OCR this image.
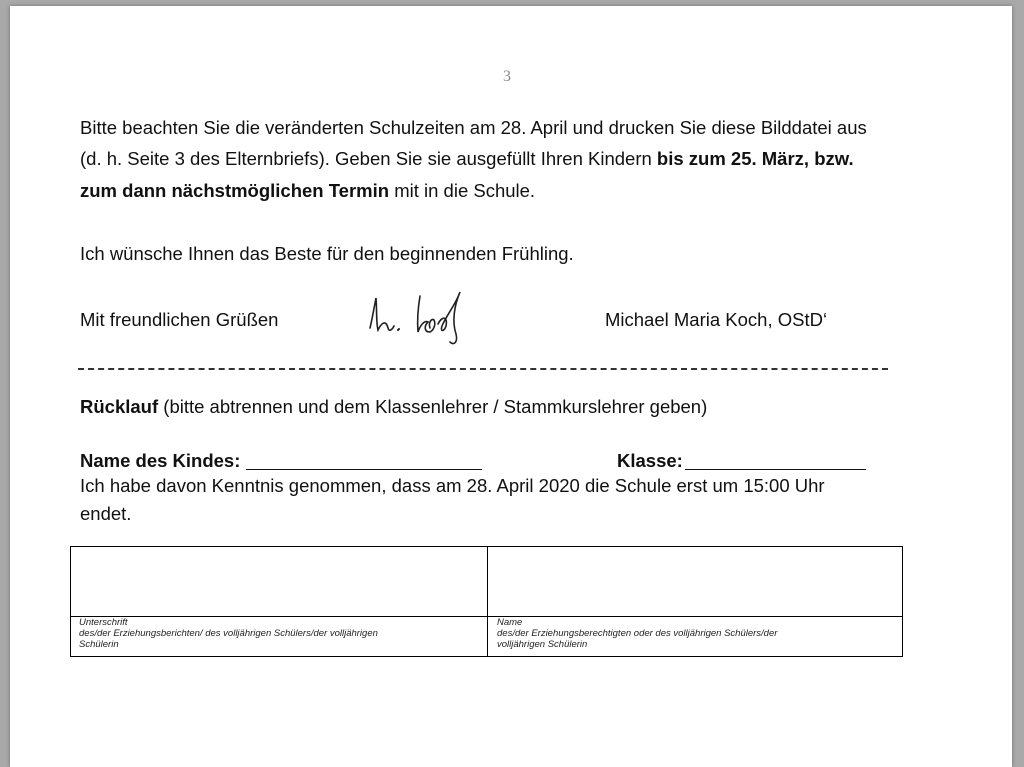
3
Bitte beachten Sie die veränderten Schulzeiten am 28. April und drucken Sie diese Bilddatei aus
(d. h. Seite 3 des Elternbriefs). Geben Sie sie ausgefüllt Ihren Kindern bis zum 25. März, bzw.
zum dann nächstmöglichen Termin mit in die Schule.
Ich wünsche Ihnen das Beste für den beginnenden Frühling.
Mit freundlichen Grüßen	Michael Maria Koch, OStD‘
Rücklauf (bitte abtrennen und dem Klassenlehrer / Stammkurslehrer geben)
Name des Kindes:	Klasse:
Ich habe davon Kenntnis genommen, dass am 28. April 2020 die Schule erst um 15:00 Uhr
endet.
Unterschrift
des/der Erziehungsberichten/ des volljährigen Schülers/der volljährigen
Schülerin
Name
des/der Erziehungsberechtigten oder des volljährigen Schülers/der
volljährigen Schülerin
